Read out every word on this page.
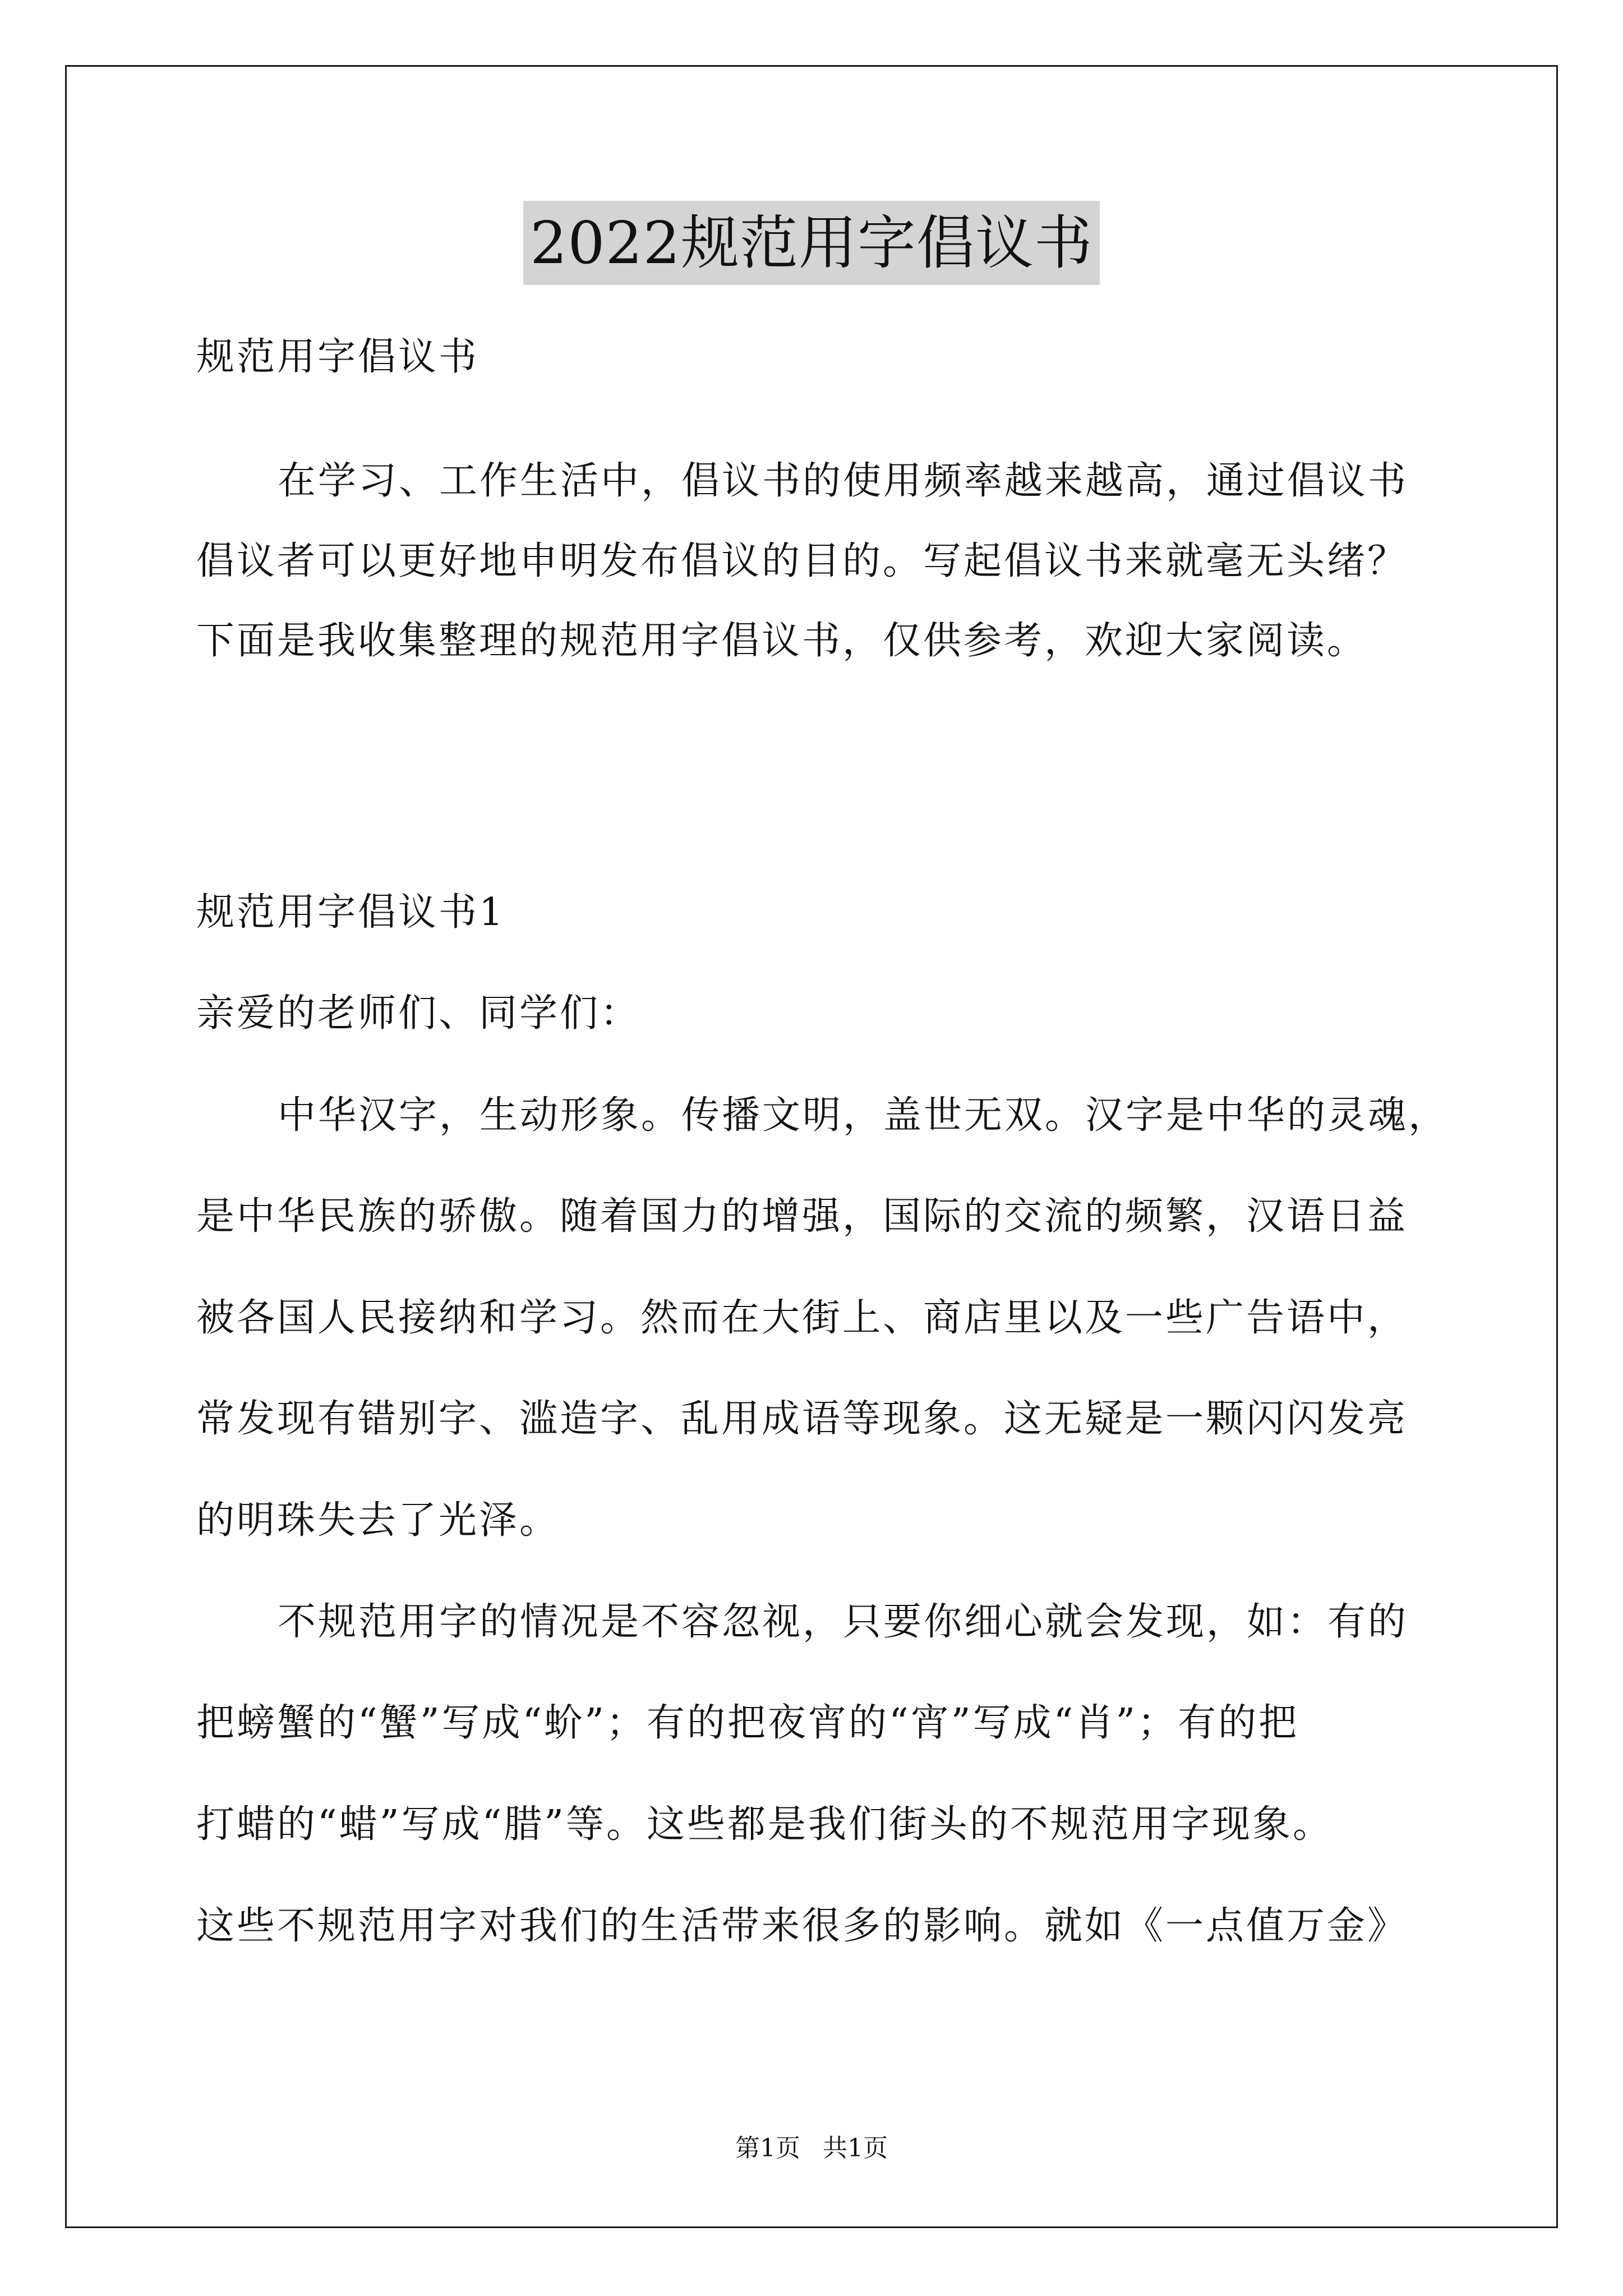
2022规范用字倡议书
规范用字倡议书
在学习、工作生活中，倡议书的使用频率越来越高，通过倡议书
倡议者可以更好地申明发布倡议的目的。写起倡议书来就毫无头绪？
下面是我收集整理的规范用字倡议书，仅供参考，欢迎大家阅读。
规范用字倡议书1
亲爱的老师们、同学们：
中华汉字，生动形象。传播文明，盖世无双。汉字是中华的灵魂，
是中华民族的骄傲。随着国力的增强，国际的交流的频繁，汉语日益
被各国人民接纳和学习。然而在大街上、商店里以及一些广告语中，
常发现有错别字、滥造字、乱用成语等现象。这无疑是一颗闪闪发亮
的明珠失去了光泽。
不规范用字的情况是不容忽视，只要你细心就会发现，如：有的
把螃蟹的“蟹”写成“蚧”；有的把夜宵的“宵”写成“肖”；有的把
打蜡的“蜡”写成“腊”等。这些都是我们街头的不规范用字现象。
这些不规范用字对我们的生活带来很多的影响。就如《一点值万金》
第1页 共1页
